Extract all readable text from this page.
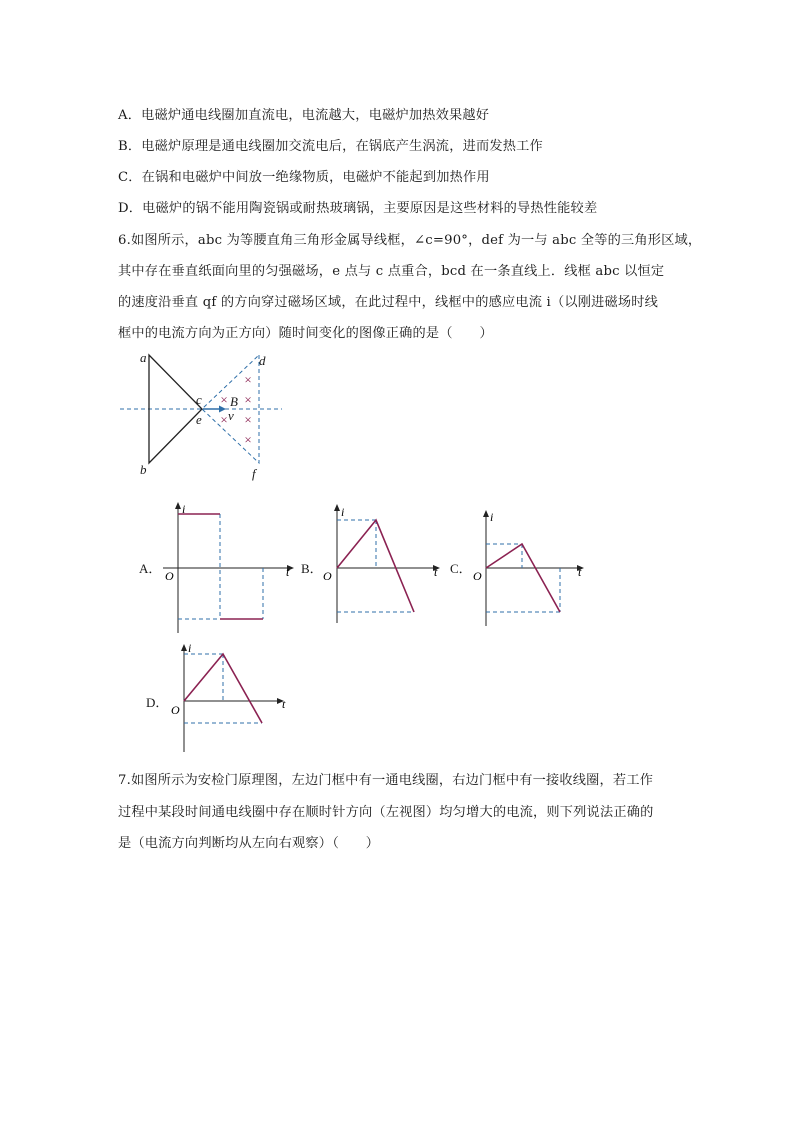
A．电磁炉通电线圈加直流电，电流越大，电磁炉加热效果越好
B．电磁炉原理是通电线圈加交流电后，在锅底产生涡流，进而发热工作
C．在锅和电磁炉中间放一绝缘物质，电磁炉不能起到加热作用
D．电磁炉的锅不能用陶瓷锅或耐热玻璃锅，主要原因是这些材料的导热性能较差
6.如图所示，abc 为等腰直角三角形金属导线框，∠c=90°，def 为一与 abc 全等的三角形区域，
其中存在垂直纸面向里的匀强磁场，e 点与 c 点重合，bcd 在一条直线上．线框 abc 以恒定
的速度沿垂直 qf 的方向穿过磁场区域，在此过程中，线框中的感应电流 i（以刚进磁场时线
框中的电流方向为正方向）随时间变化的图像正确的是（　　）
×
× ×
× ×
×
a
b
c
e
d
f
B
v
A．
i
t
O	B．
i
t
O	C．
i
t
O
D．
i
t
O
7.如图所示为安检门原理图，左边门框中有一通电线圈，右边门框中有一接收线圈，若工作
过程中某段时间通电线圈中存在顺时针方向（左视图）均匀增大的电流，则下列说法正确的
是（电流方向判断均从左向右观察）（　　）
